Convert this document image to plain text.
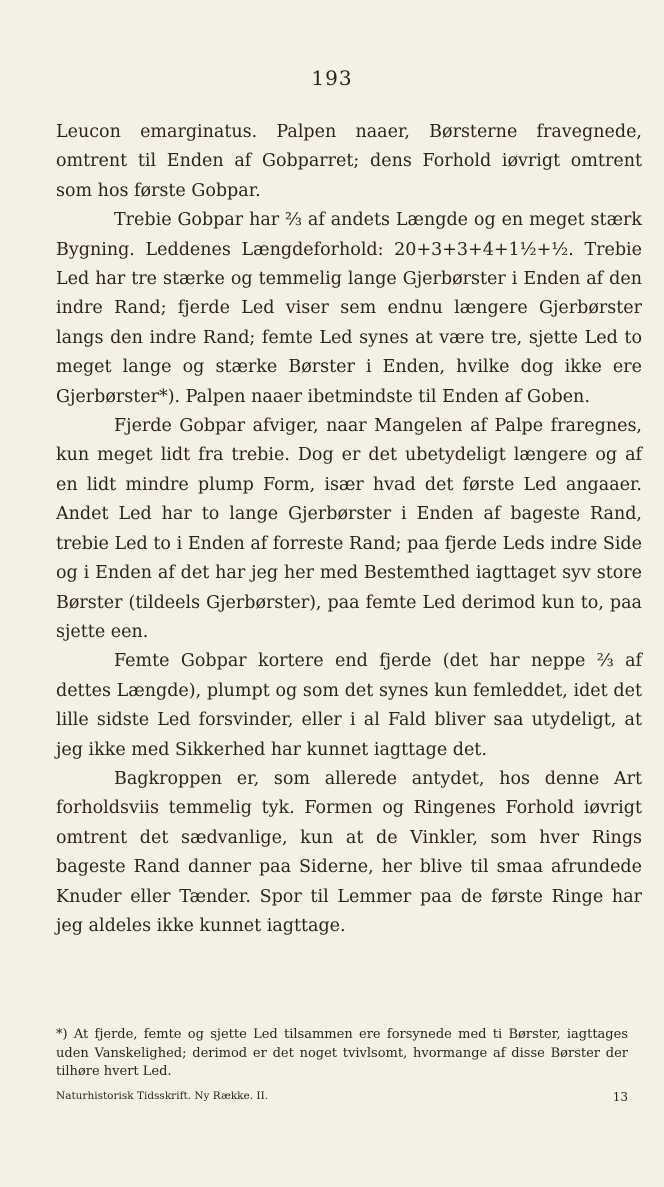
193

Leucon emarginatus. Palpen naaer, Børsterne fravegnede, omtrent til Enden af Gobparret; dens Forhold iøvrigt omtrent som hos første Gobpar.

Trebie Gobpar har ⅔ af andets Længde og en meget stærk Bygning. Leddenes Længdeforhold: 20+3+3+4+1½+½. Trebie Led har tre stærke og temmelig lange Gjerbørster i Enden af den indre Rand; fjerde Led viser sem endnu længere Gjerbørster langs den indre Rand; femte Led synes at være tre, sjette Led to meget lange og stærke Børster i Enden, hvilke dog ikke ere Gjerbørster*). Palpen naaer ibetmindste til Enden af Goben.

Fjerde Gobpar afviger, naar Mangelen af Palpe fraregnes, kun meget lidt fra trebie. Dog er det ubetydeligt længere og af en lidt mindre plump Form, især hvad det første Led angaaer. Andet Led har to lange Gjerbørster i Enden af bageste Rand, trebie Led to i Enden af forreste Rand; paa fjerde Leds indre Side og i Enden af det har jeg her med Bestemthed iagttaget syv store Børster (tildeels Gjerbørster), paa femte Led derimod kun to, paa sjette een.

Femte Gobpar kortere end fjerde (det har neppe ⅔ af dettes Længde), plumpt og som det synes kun femleddet, idet det lille sidste Led forsvinder, eller i al Fald bliver saa utydeligt, at jeg ikke med Sikkerhed har kunnet iagttage det.

Bagkroppen er, som allerede antydet, hos denne Art forholdsviis temmelig tyk. Formen og Ringenes Forhold iøvrigt omtrent det sædvanlige, kun at de Vinkler, som hver Rings bageste Rand danner paa Siderne, her blive til smaa afrundede Knuder eller Tænder. Spor til Lemmer paa de første Ringe har jeg aldeles ikke kunnet iagttage.

*) At fjerde, femte og sjette Led tilsammen ere forsynede med ti Børster, iagttages uden Vanskelighed; derimod er det noget tvivlsomt, hvormange af disse Børster der tilhøre hvert Led.
Naturhistorisk Tidsskrift. Ny Række. II.	13
